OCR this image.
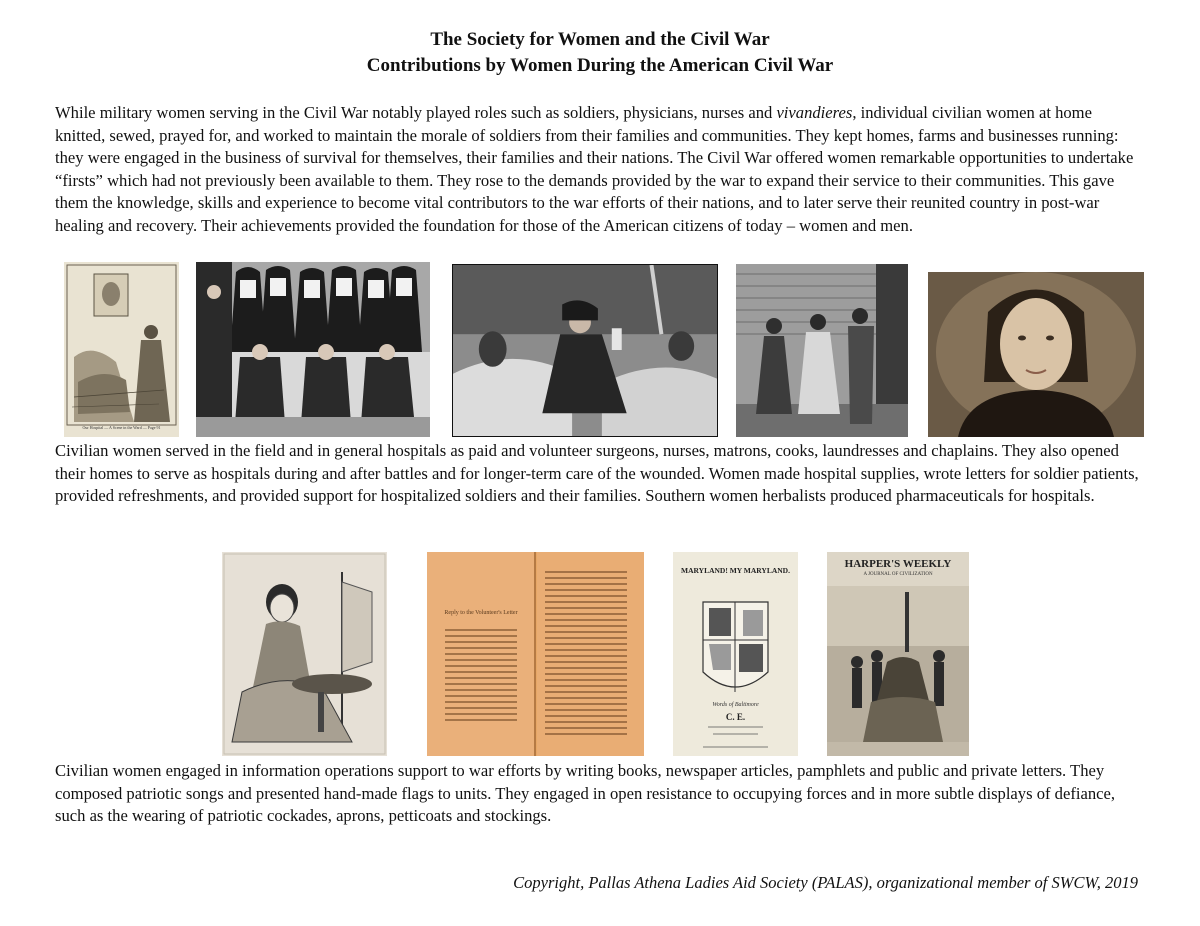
The Society for Women and the Civil War
Contributions by Women During the American Civil War
While military women serving in the Civil War notably played roles such as soldiers, physicians, nurses and vivandieres, individual civilian women at home knitted, sewed, prayed for, and worked to maintain the morale of soldiers from their families and communities. They kept homes, farms and businesses running: they were engaged in the business of survival for themselves, their families and their nations. The Civil War offered women remarkable opportunities to undertake “firsts” which had not previously been available to them. They rose to the demands provided by the war to expand their service to their communities. This gave them the knowledge, skills and experience to become vital contributors to the war efforts of their nations, and to later serve their reunited country in post-war healing and recovery. Their achievements provided the foundation for those of the American citizens of today – women and men.
Our Hospital — A Scene in the Ward — Page 91
Civilian women served in the field and in general hospitals as paid and volunteer surgeons, nurses, matrons, cooks, laundresses and chaplains. They also opened their homes to serve as hospitals during and after battles and for longer-term care of the wounded. Women made hospital supplies, wrote letters for soldier patients, provided refreshments, and provided support for hospitalized soldiers and their families. Southern women herbalists produced pharmaceuticals for hospitals.
Reply to the Volunteer's Letter
MARYLAND! MY MARYLAND.
Words of Baltimore
C. E.
HARPER'S WEEKLY
A JOURNAL OF CIVILIZATION
Civilian women engaged in information operations support to war efforts by writing books, newspaper articles, pamphlets and public and private letters. They composed patriotic songs and presented hand-made flags to units. They engaged in open resistance to occupying forces and in more subtle displays of defiance, such as the wearing of patriotic cockades, aprons, petticoats and stockings.
Copyright, Pallas Athena Ladies Aid Society (PALAS), organizational member of SWCW, 2019
